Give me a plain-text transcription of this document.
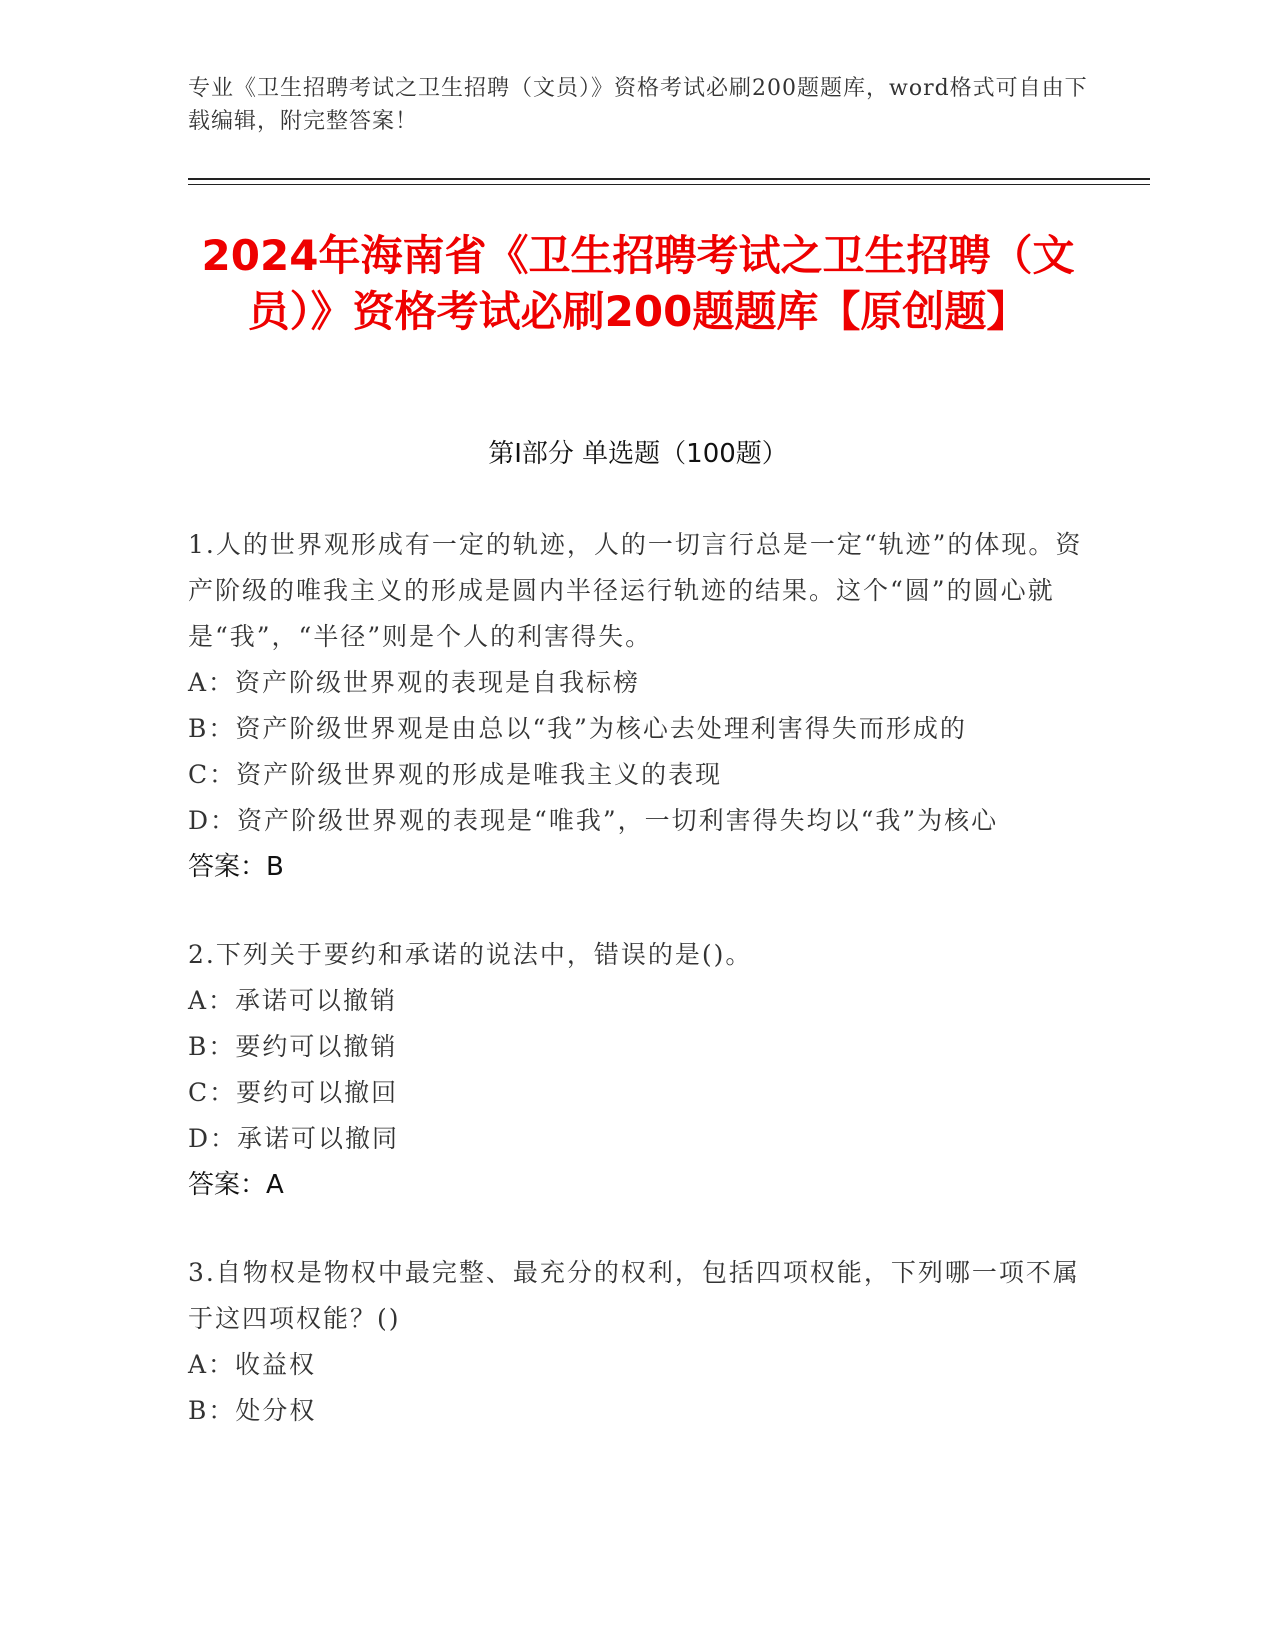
专业《卫生招聘考试之卫生招聘（文员）》资格考试必刷200题题库，word格式可自由下载编辑，附完整答案！
2024年海南省《卫生招聘考试之卫生招聘（文员）》资格考试必刷200题题库【原创题】
第I部分 单选题（100题）
1.人的世界观形成有一定的轨迹，人的一切言行总是一定“轨迹”的体现。资产阶级的唯我主义的形成是圆内半径运行轨迹的结果。这个“圆”的圆心就是“我”，“半径”则是个人的利害得失。
A：资产阶级世界观的表现是自我标榜
B：资产阶级世界观是由总以“我”为核心去处理利害得失而形成的
C：资产阶级世界观的形成是唯我主义的表现
D：资产阶级世界观的表现是“唯我”，一切利害得失均以“我”为核心
答案：B
2.下列关于要约和承诺的说法中，错误的是()。
A：承诺可以撤销
B：要约可以撤销
C：要约可以撤回
D：承诺可以撤同
答案：A
3.自物权是物权中最完整、最充分的权利，包括四项权能，下列哪一项不属于这四项权能？()
A：收益权
B：处分权
